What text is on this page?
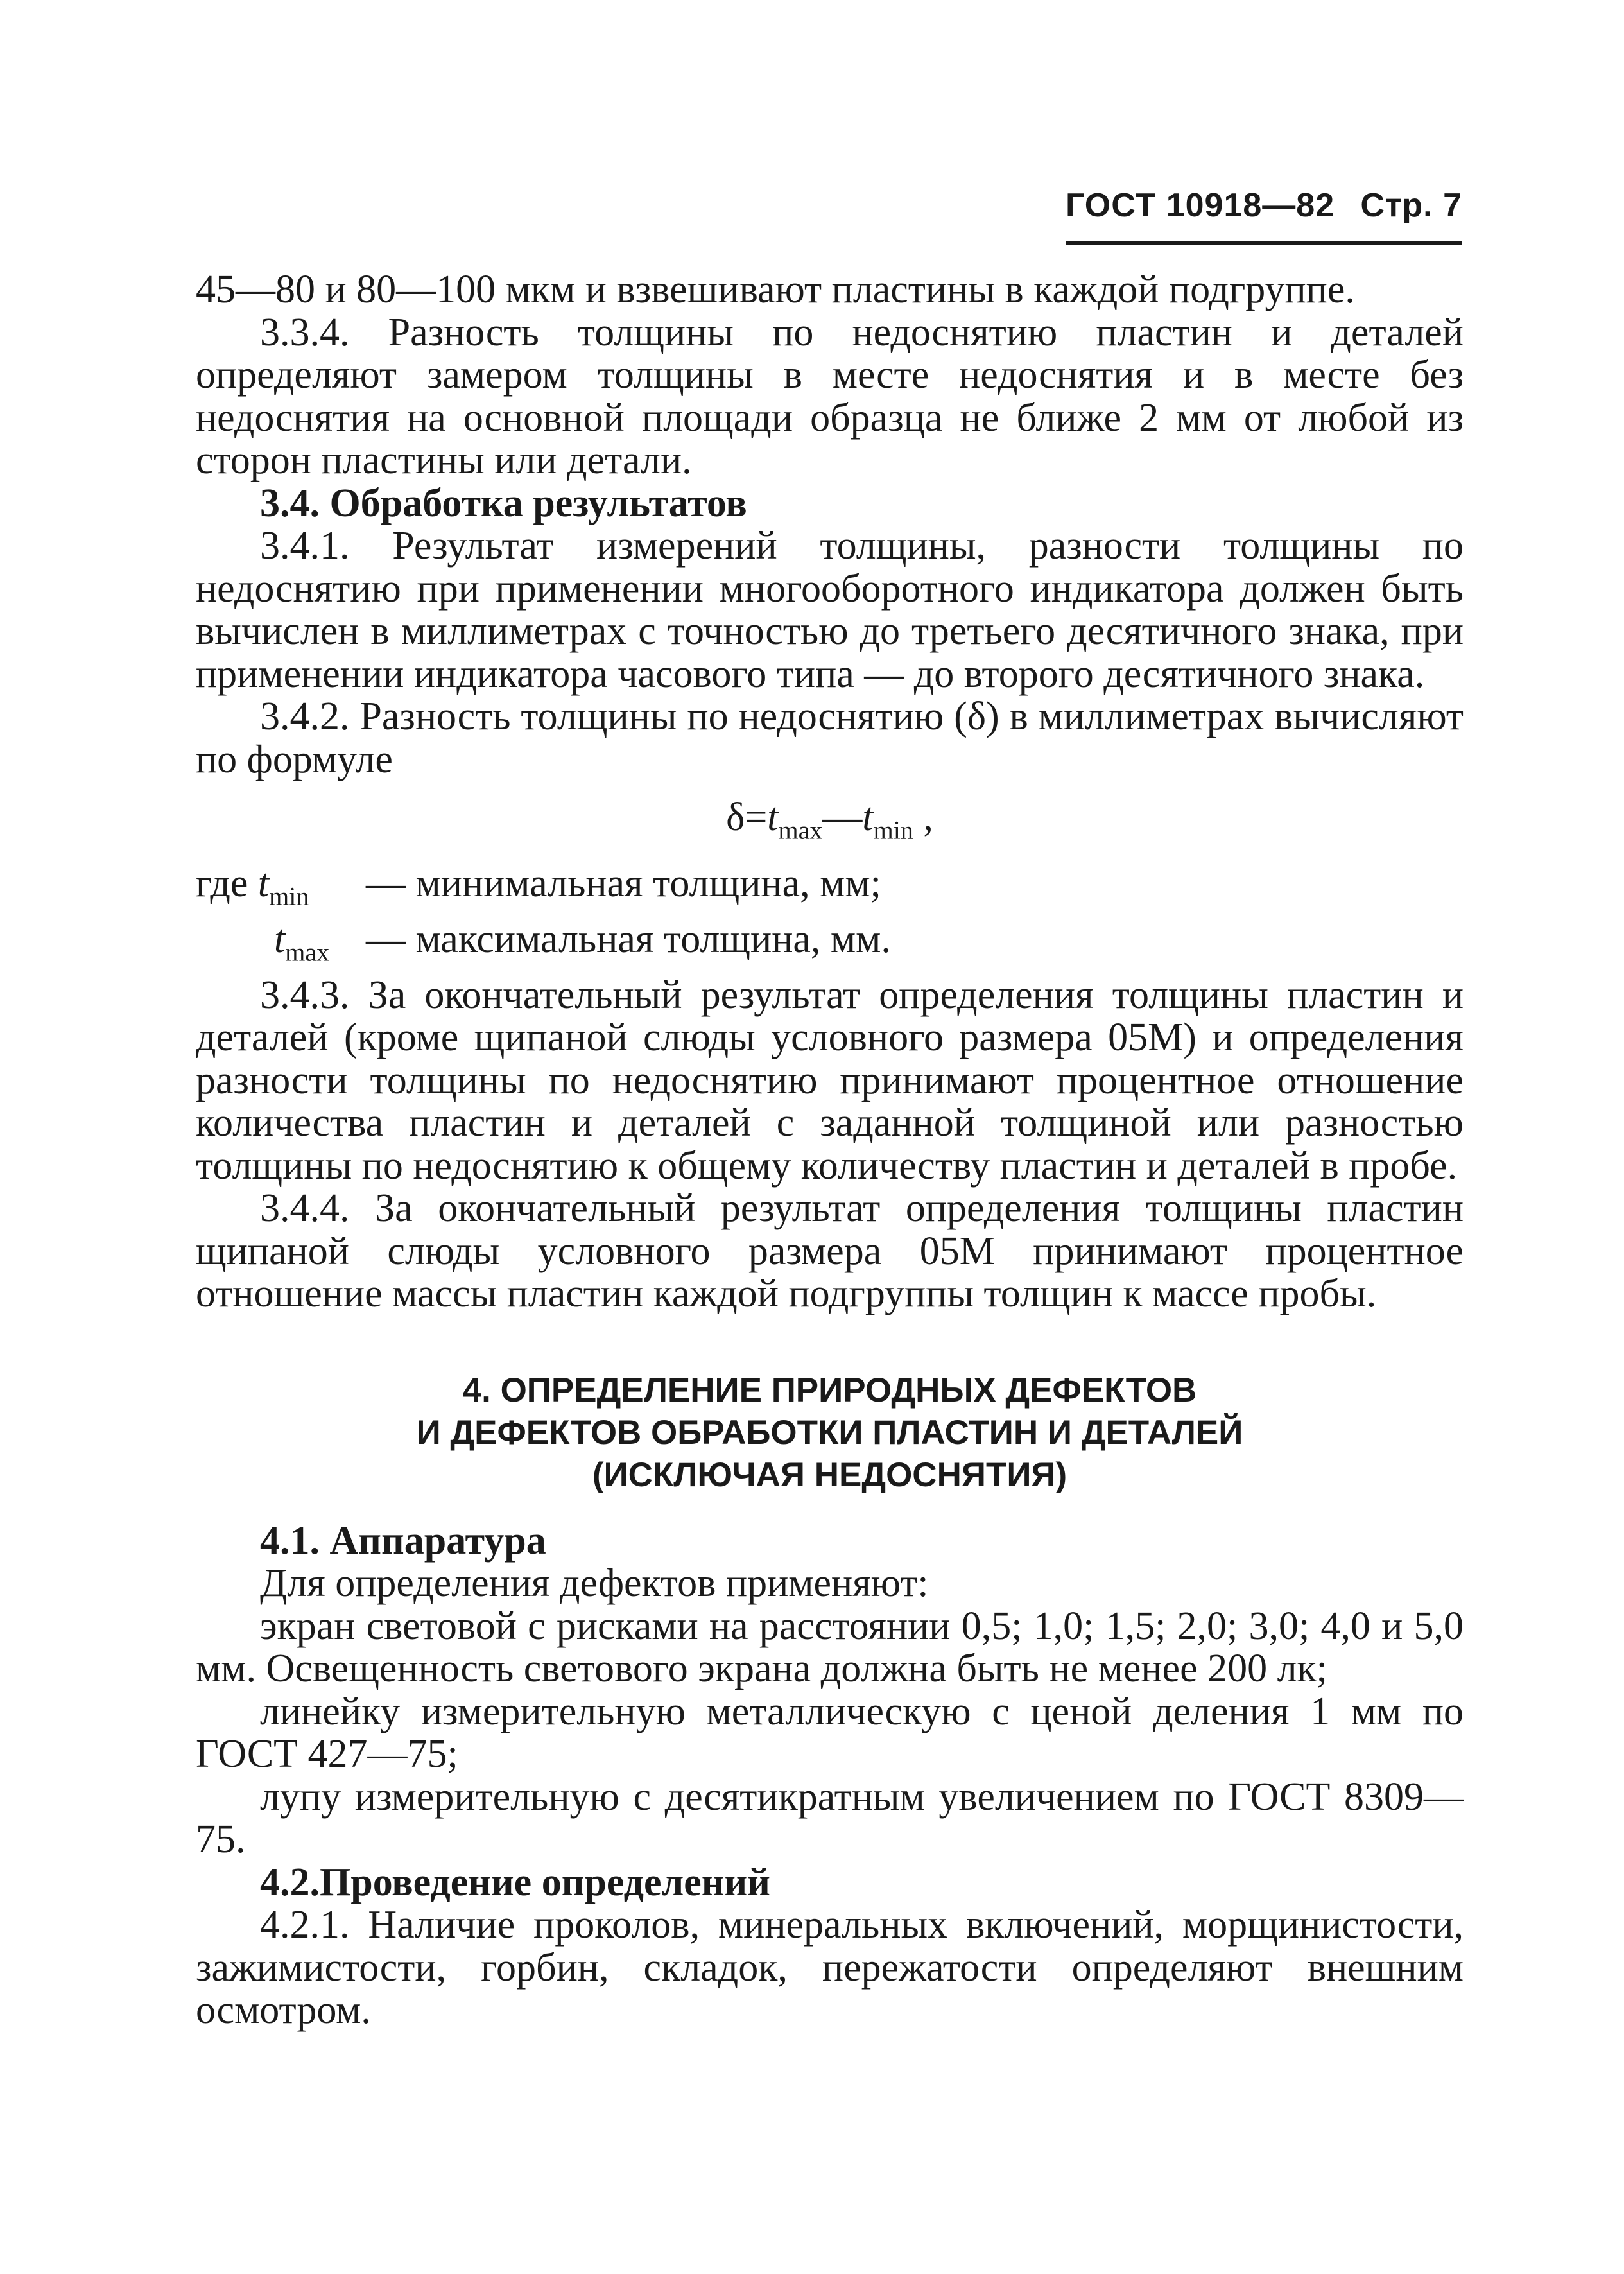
ГОСТ 10918—82 Стр. 7

45—80 и 80—100 мкм и взвешивают пластины в каждой подгруппе.

3.3.4. Разность толщины по недоснятию пластин и деталей определяют замером толщины в месте недоснятия и в месте без недоснятия на основной площади образца не ближе 2 мм от любой из сторон пластины или детали.

3.4. Обработка результатов

3.4.1. Результат измерений толщины, разности толщины по недоснятию при применении многооборотного индикатора должен быть вычислен в миллиметрах с точностью до третьего десятичного знака, при применении индикатора часового типа — до второго десятичного знака.

3.4.2. Разность толщины по недоснятию (δ) в миллиметрах вычисляют по формуле

$\delta=t_{max}—t_{min}$ ,
где $t_{min}$	— минимальная толщина, мм;
$t_{max}$ — максимальная толщина, мм.

3.4.3. За окончательный результат определения толщины пластин и деталей (кроме щипаной слюды условного размера 05М) и определения разности толщины по недоснятию принимают процентное отношение количества пластин и деталей с заданной толщиной или разностью толщины по недоснятию к общему количеству пластин и деталей в пробе.

3.4.4. За окончательный результат определения толщины пластин щипаной слюды условного размера 05М принимают процентное отношение массы пластин каждой подгруппы толщин к массе пробы.

4. ОПРЕДЕЛЕНИЕ ПРИРОДНЫХ ДЕФЕКТОВ
И ДЕФЕКТОВ ОБРАБОТКИ ПЛАСТИН И ДЕТАЛЕЙ
(ИСКЛЮЧАЯ НЕДОСНЯТИЯ)

4.1. Аппаратура

Для определения дефектов применяют:

экран световой с рисками на расстоянии 0,5; 1,0; 1,5; 2,0; 3,0; 4,0 и 5,0 мм. Освещенность светового экрана должна быть не менее 200 лк;

линейку измерительную металлическую с ценой деления 1 мм по ГОСТ 427—75;

лупу измерительную с десятикратным увеличением по ГОСТ 8309—75.

4.2.Проведение определений

4.2.1. Наличие проколов, минеральных включений, морщинистости, зажимистости, горбин, складок, пережатости определяют внешним осмотром.
